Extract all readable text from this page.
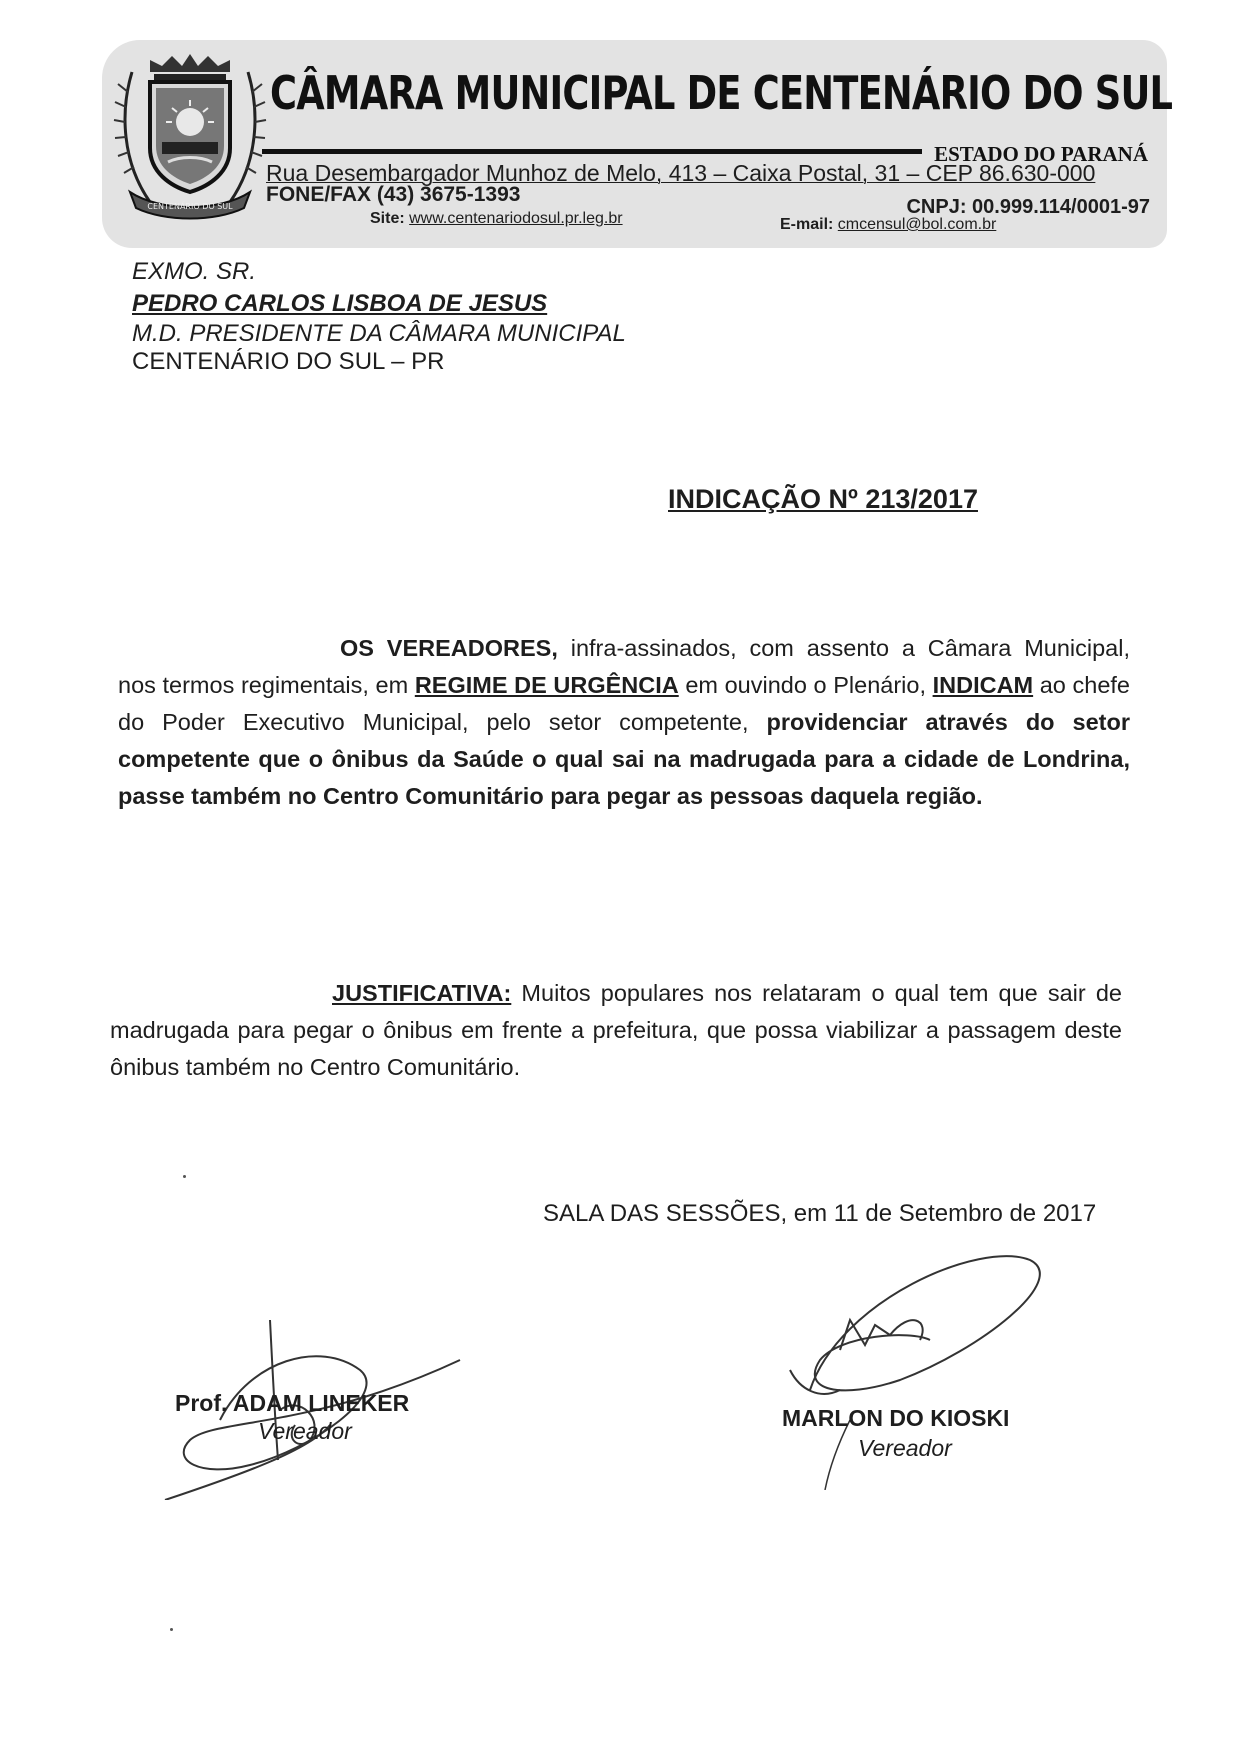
CENTENÁRIO DO SUL
CÂMARA MUNICIPAL DE CENTENÁRIO DO SUL
ESTADO DO PARANÁ
Rua Desembargador Munhoz de Melo, 413 – Caixa Postal, 31 – CEP 86.630-000
FONE/FAX (43) 3675-1393
CNPJ: 00.999.114/0001-97
Site: www.centenariodosul.pr.leg.br	E-mail: cmcensul@bol.com.br
EXMO. SR.
PEDRO CARLOS LISBOA DE JESUS
M.D. PRESIDENTE DA CÂMARA MUNICIPAL
CENTENÁRIO DO SUL – PR
INDICAÇÃO Nº 213/2017
OS VEREADORES, infra-assinados, com assento a Câmara Municipal, nos termos regimentais, em REGIME DE URGÊNCIA em ouvindo o Plenário, INDICAM ao chefe do Poder Executivo Municipal, pelo setor competente, providenciar através do setor competente que o ônibus da Saúde o qual sai na madrugada para a cidade de Londrina, passe também no Centro Comunitário para pegar as pessoas daquela região.
JUSTIFICATIVA: Muitos populares nos relataram o qual tem que sair de madrugada para pegar o ônibus em frente a prefeitura, que possa viabilizar a passagem deste ônibus também no Centro Comunitário.
SALA DAS SESSÕES, em 11 de Setembro de 2017
Prof. ADAM LINEKER
Vereador	MARLON DO KIOSKI
Vereador
